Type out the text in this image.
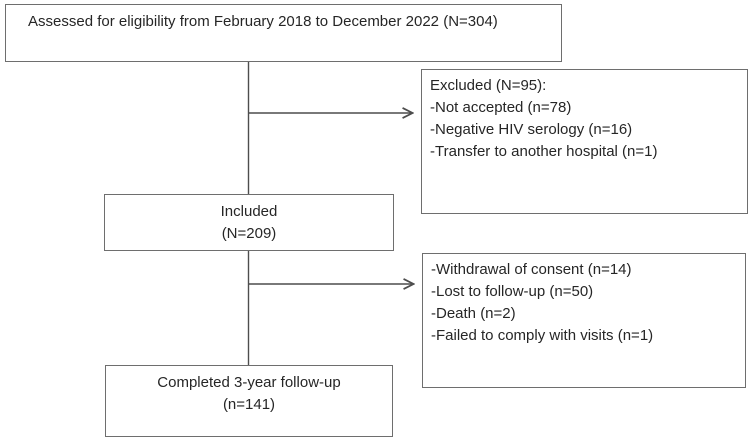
Assessed for eligibility from February 2018 to December 2022 (N=304)
Excluded (N=95):
-Not accepted (n=78)
-Negative HIV serology (n=16)
-Transfer to another hospital (n=1)
Included
(N=209)
-Withdrawal of consent (n=14)
-Lost to follow-up (n=50)
-Death (n=2)
-Failed to comply with visits (n=1)
Completed 3-year follow-up
(n=141)
